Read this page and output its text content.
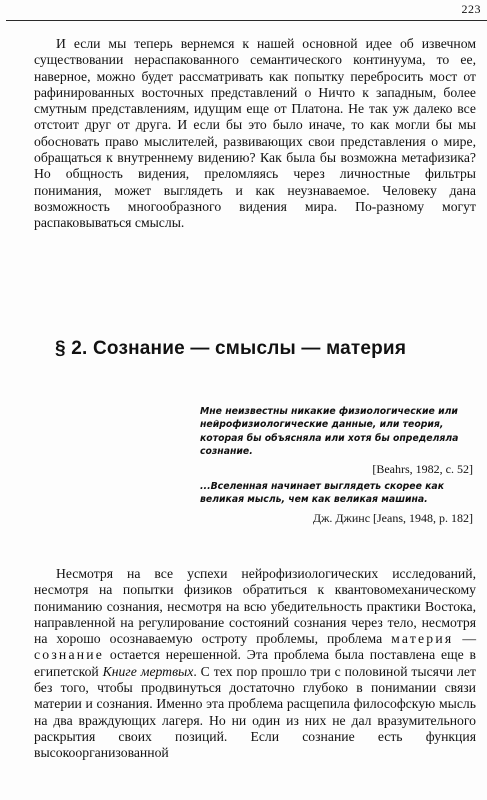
223

И если мы теперь вернемся к нашей основной идее об извечном существовании нераспакованного семантического континуума, то ее, наверное, можно будет рассматривать как попытку перебросить мост от рафинированных восточных представлений о Ничто к западным, более смутным представлениям, идущим еще от Платона. Не так уж далеко все отстоит друг от друга. И если бы это было иначе, то как могли бы мы обосновать право мыслителей, развивающих свои представления о мире, обращаться к внутреннему видению? Как была бы возможна метафизика? Но общность видения, преломляясь через личностные фильтры понимания, может выглядеть и как неузнаваемое. Человеку дана возможность многообразного видения мира. По-разному могут распаковываться смыслы.

§ 2. Сознание — смыслы — материя

Мне неизвестны никакие физиологические или нейрофизиологические данные, или теория, которая бы объясняла или хотя бы определяла сознание.

[Beahrs, 1982, с. 52]

...Вселенная начинает выглядеть скорее как великая мысль, чем как великая машина.

Дж. Джинс [Jeans, 1948, р. 182]

Несмотря на все успехи нейрофизиологических исследований, несмотря на попытки физиков обратиться к квантовомеханическому пониманию сознания, несмотря на всю убедительность практики Востока, направленной на регулирование состояний сознания через тело, несмотря на хорошо осознаваемую остроту проблемы, проблема материя — сознание остается нерешенной. Эта проблема была поставлена еще в египетской Книге мертвых. С тех пор прошло три с половиной тысячи лет без того, чтобы продвинуться достаточно глубоко в понимании связи материи и сознания. Именно эта проблема расщепила философскую мысль на два враждующих лагеря. Но ни один из них не дал вразумительного раскрытия своих позиций. Если сознание есть функция высокоорганизованной
